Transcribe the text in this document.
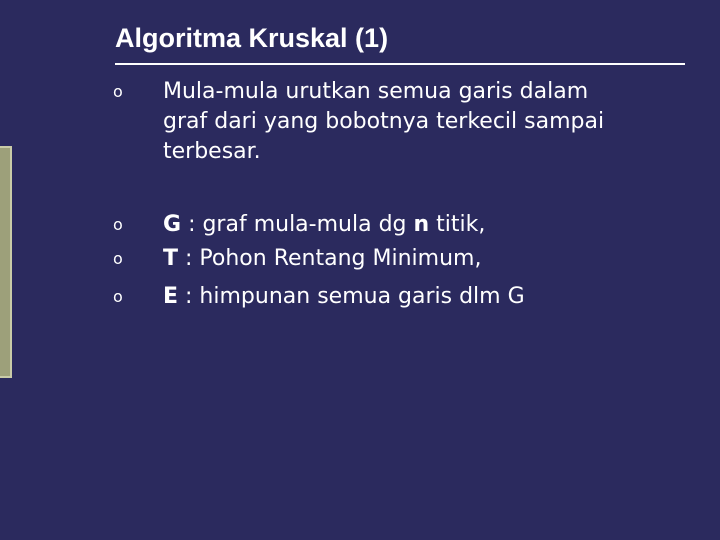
Algoritma Kruskal (1)
o	Mula-mula urutkan semua garis dalam
graf dari yang bobotnya terkecil sampai
terbesar.
o	G : graf mula-mula dg n titik,
o	T : Pohon Rentang Minimum,
o	E : himpunan semua garis dlm G
